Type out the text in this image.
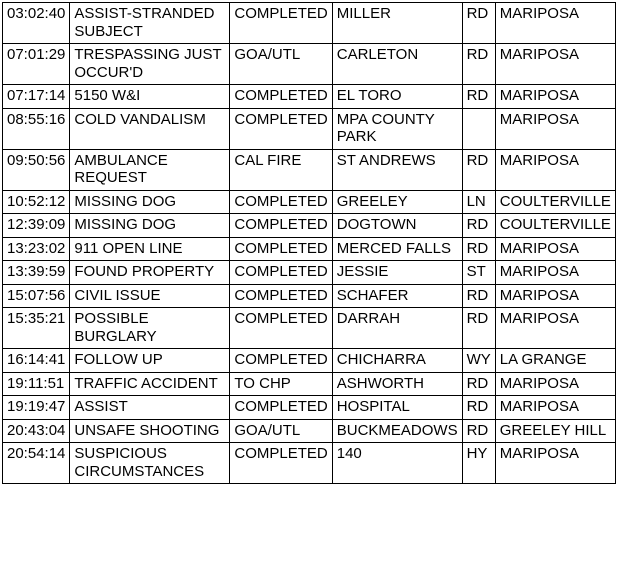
03:02:40	ASSIST-STRANDED SUBJECT	COMPLETED	MILLER	RD	MARIPOSA
07:01:29	TRESPASSING JUST OCCUR'D	GOA/UTL	CARLETON	RD	MARIPOSA
07:17:14	5150 W&I	COMPLETED	EL TORO	RD	MARIPOSA
08:55:16	COLD VANDALISM	COMPLETED	MPA COUNTY PARK		MARIPOSA
09:50:56	AMBULANCE REQUEST	CAL FIRE	ST ANDREWS	RD	MARIPOSA
10:52:12	MISSING DOG	COMPLETED	GREELEY	LN	COULTERVILLE
12:39:09	MISSING DOG	COMPLETED	DOGTOWN	RD	COULTERVILLE
13:23:02	911 OPEN LINE	COMPLETED	MERCED FALLS	RD	MARIPOSA
13:39:59	FOUND PROPERTY	COMPLETED	JESSIE	ST	MARIPOSA
15:07:56	CIVIL ISSUE	COMPLETED	SCHAFER	RD	MARIPOSA
15:35:21	POSSIBLE BURGLARY	COMPLETED	DARRAH	RD	MARIPOSA
16:14:41	FOLLOW UP	COMPLETED	CHICHARRA	WY	LA GRANGE
19:11:51	TRAFFIC ACCIDENT	TO CHP	ASHWORTH	RD	MARIPOSA
19:19:47	ASSIST	COMPLETED	HOSPITAL	RD	MARIPOSA
20:43:04	UNSAFE SHOOTING	GOA/UTL	BUCKMEADOWS	RD	GREELEY HILL
20:54:14	SUSPICIOUS CIRCUMSTANCES	COMPLETED	140	HY	MARIPOSA
